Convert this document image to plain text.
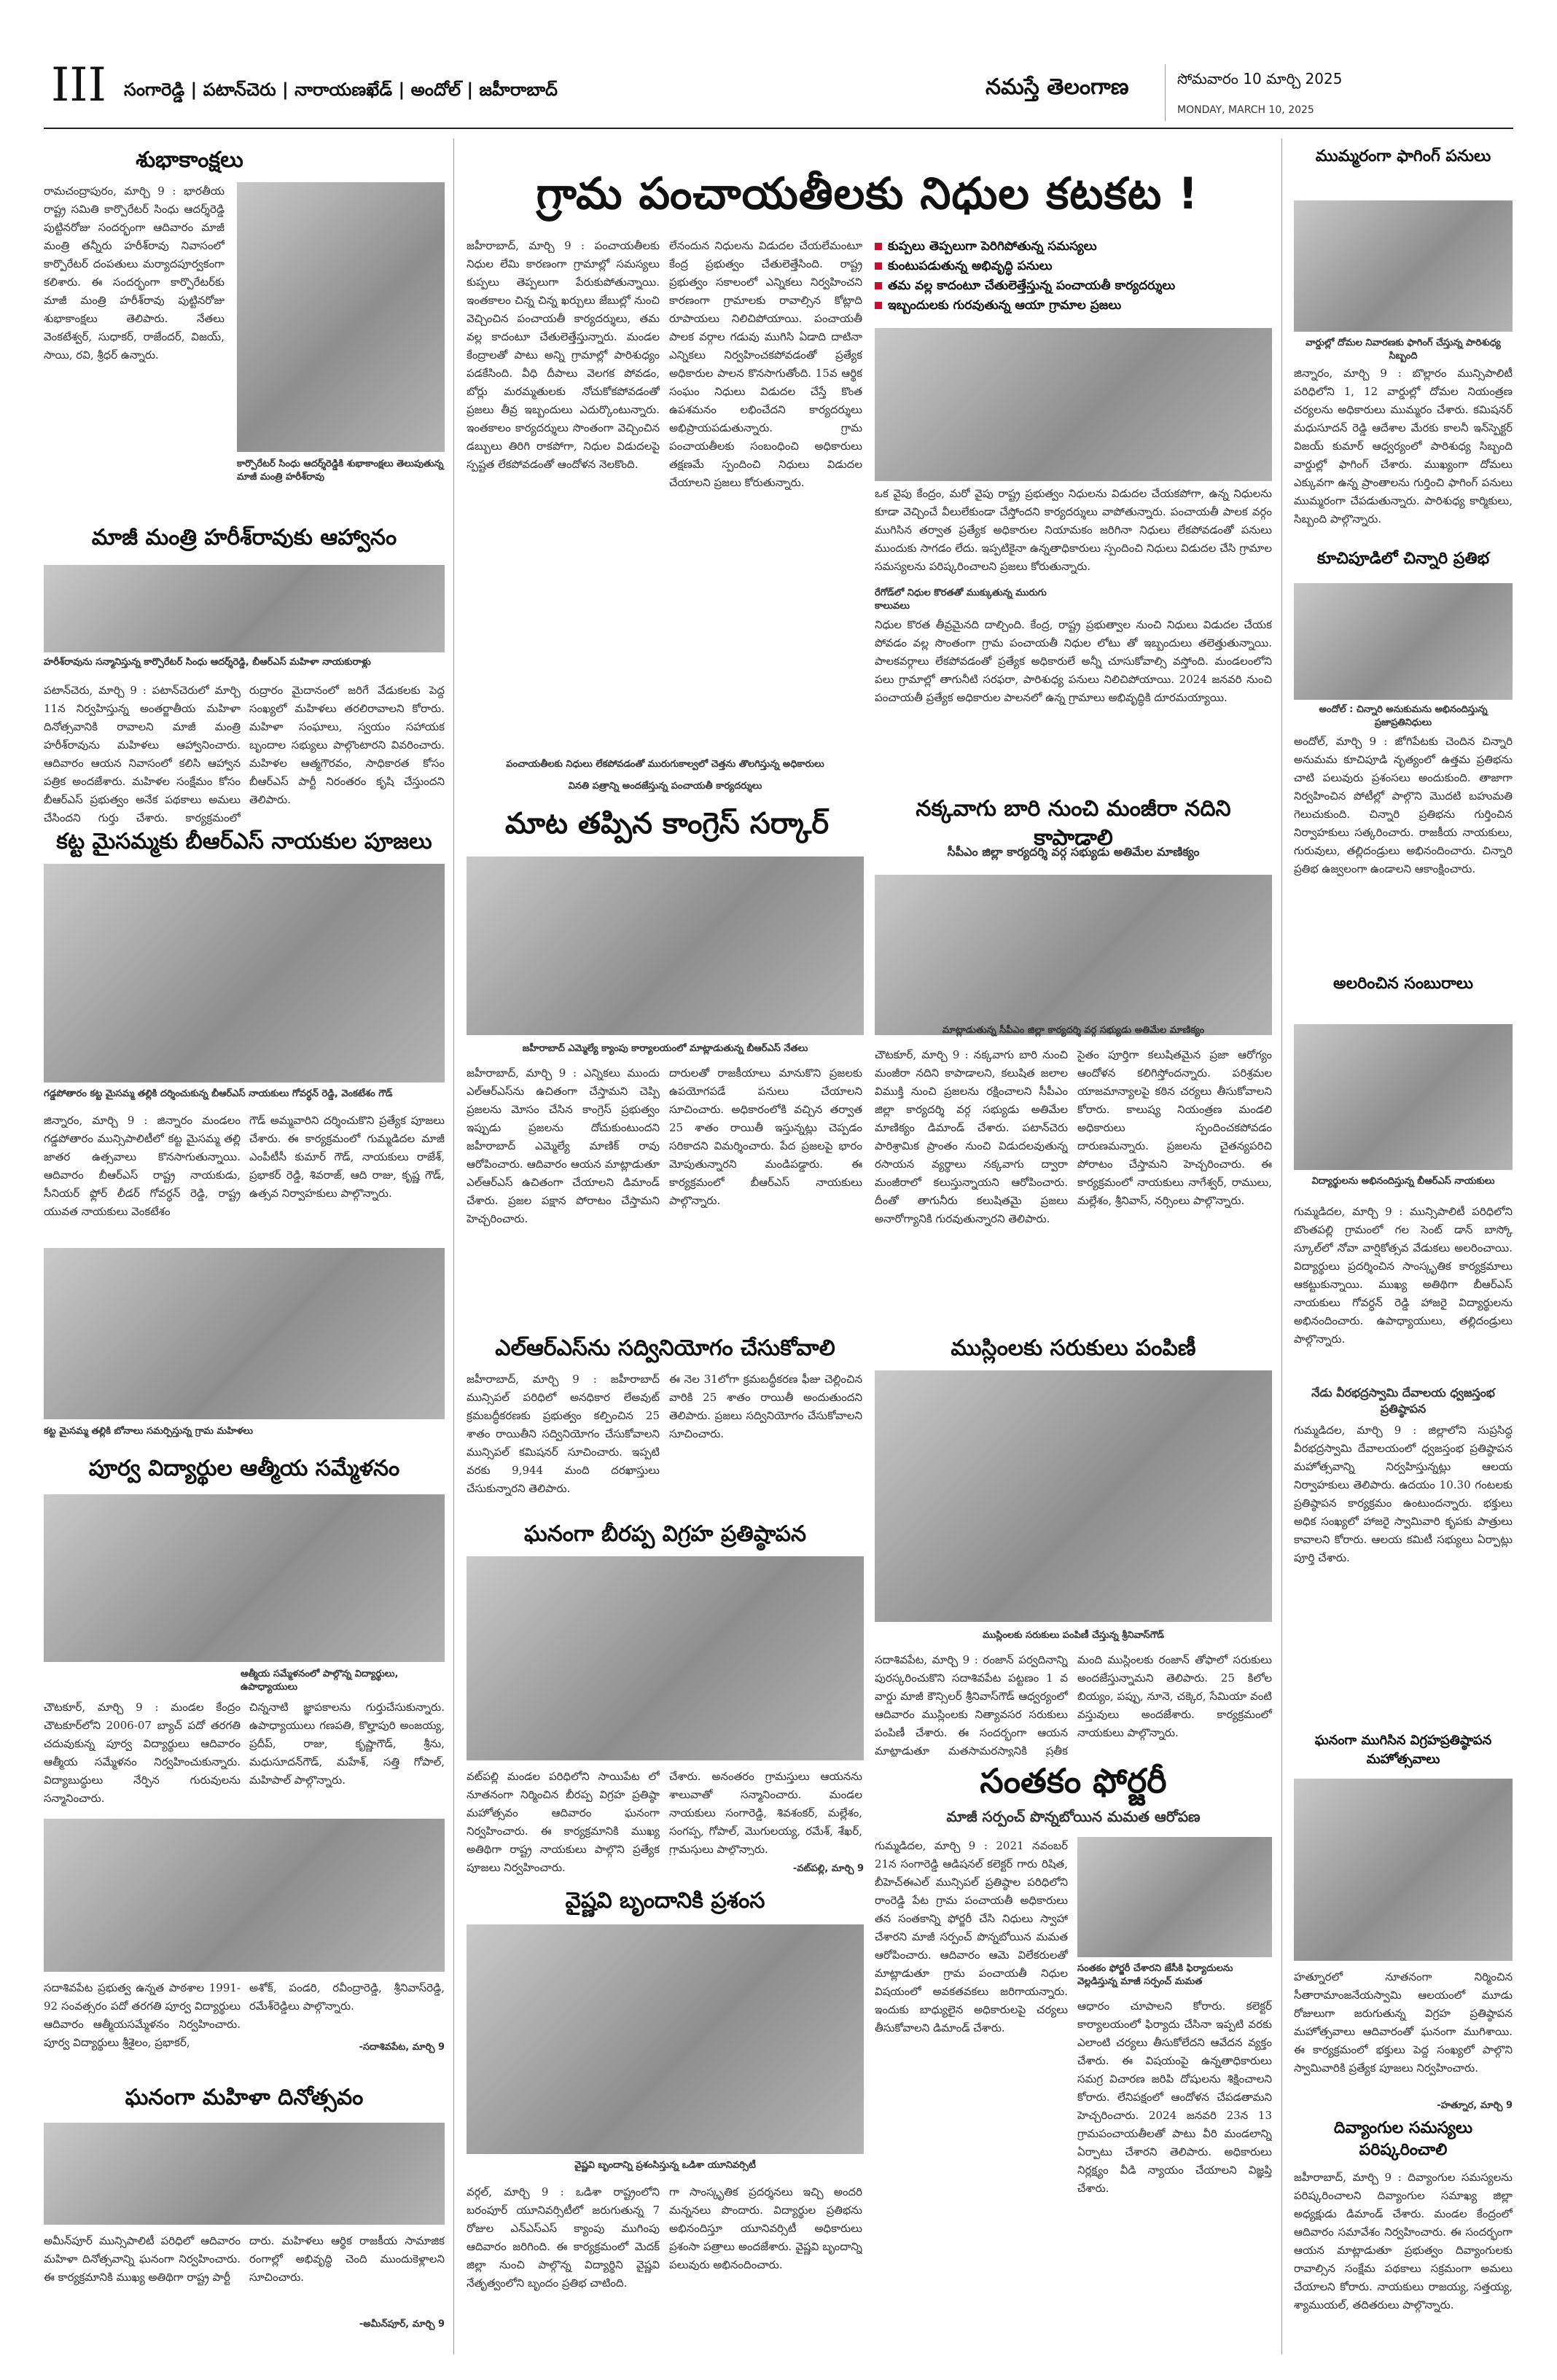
III సంగారెడ్డి | పటాన్‌చెరు | నారాయణఖేడ్ | అందోల్ | జహీరాబాద్	నమస్తే తెలంగాణ	సోమవారం 10 మార్చి 2025
MONDAY, MARCH 10, 2025
శుభాకాంక్షలు
రామచంద్రాపురం, మార్చి 9 : భారతీయ రాష్ట్ర సమితి కార్పొరేటర్ సింధు ఆదర్శ్‌రెడ్డి పుట్టినరోజు సందర్భంగా ఆదివారం మాజీ మంత్రి తన్నీరు హరీశ్‌రావు నివాసంలో కార్పొరేటర్ దంపతులు మర్యాదపూర్వకంగా కలిశారు. ఈ సందర్భంగా కార్పొరేటర్‌కు మాజీ మంత్రి హరీశ్‌రావు పుట్టినరోజు శుభాకాంక్షలు తెలిపారు. నేతలు వెంకటేశ్వర్, సుధాకర్, రాజేందర్, విజయ్, సాయి, రవి, శ్రీధర్ ఉన్నారు.
కార్పొరేటర్ సింధు ఆదర్శ్‌రెడ్డికి శుభాకాంక్షలు తెలుపుతున్న మాజీ మంత్రి హరీశ్‌రావు
మాజీ మంత్రి హరీశ్‌రావుకు ఆహ్వానం
హరీశ్‌రావును సన్మానిస్తున్న కార్పొరేటర్ సింధు ఆదర్శ్‌రెడ్డి, బీఆర్ఎస్ మహిళా నాయకురాళ్లు
పటాన్‌చెరు, మార్చి 9 : పటాన్‌చెరులో మార్చి 11న నిర్వహిస్తున్న అంతర్జాతీయ మహిళా దినోత్సవానికి రావాలని మాజీ మంత్రి హరీశ్‌రావును మహిళలు ఆహ్వానించారు. ఆదివారం ఆయన నివాసంలో కలిసి ఆహ్వాన పత్రిక అందజేశారు. మహిళల సంక్షేమం కోసం బీఆర్ఎస్ ప్రభుత్వం అనేక పథకాలు అమలు చేసిందని గుర్తు చేశారు. కార్యక్రమంలో
రుద్రారం మైదానంలో జరిగే వేడుకలకు పెద్ద సంఖ్యలో మహిళలు తరలిరావాలని కోరారు. మహిళా సంఘాలు, స్వయం సహాయక బృందాల సభ్యులు పాల్గొంటారని వివరించారు. మహిళల ఆత్మగౌరవం, సాధికారత కోసం బీఆర్ఎస్ పార్టీ నిరంతరం కృషి చేస్తుందని తెలిపారు.
కట్ట మైసమ్మకు బీఆర్ఎస్ నాయకుల పూజలు
గడ్డపోతారం కట్ట మైసమ్మ తల్లికి దర్శించుకున్న బీఆర్ఎస్ నాయకులు గోవర్ధన్ రెడ్డి, వెంకటేశం గౌడ్
జిన్నారం, మార్చి 9 : జిన్నారం మండలం గడ్డపోతారం మున్సిపాలిటీలో కట్ట మైసమ్మ తల్లి జాతర ఉత్సవాలు కొనసాగుతున్నాయి. ఆదివారం బీఆర్ఎస్ రాష్ట్ర నాయకుడు, సీనియర్ ఫ్లోర్ లీడర్ గోవర్ధన్ రెడ్డి, రాష్ట్ర యువత నాయకులు వెంకటేశం
గౌడ్ అమ్మవారిని దర్శించుకొని ప్రత్యేక పూజలు చేశారు. ఈ కార్యక్రమంలో గుమ్మడిదల మాజీ ఎంపీటీసీ కుమార్ గౌడ్, నాయకులు రాజేశ్, ప్రభాకర్ రెడ్డి, శివరాజ్, ఆది రాజు, కృష్ణ గౌడ్, ఉత్సవ నిర్వాహకులు పాల్గొన్నారు.
కట్ట మైసమ్మ తల్లికి బోనాలు సమర్పిస్తున్న గ్రామ మహిళలు
పూర్వ విద్యార్థుల ఆత్మీయ సమ్మేళనం
ఆత్మీయ సమ్మేళనంలో పాల్గొన్న విద్యార్థులు, ఉపాధ్యాయులు
చౌటకూర్, మార్చి 9 : మండల కేంద్రం చౌటకూర్‌లోని 2006-07 బ్యాచ్ పదో తరగతి చదువుకున్న పూర్వ విద్యార్థులు ఆదివారం ఆత్మీయ సమ్మేళనం నిర్వహించుకున్నారు. విద్యాబుద్ధులు నేర్పిన గురువులను సన్మానించారు.
చిన్ననాటి జ్ఞాపకాలను గుర్తుచేసుకున్నారు. ఉపాధ్యాయులు గణపతి, కొల్హాపురి అంజయ్య, ప్రదీప్, రాజు, కృష్ణాగౌడ్, శ్రీను, మధుసూదన్‌గౌడ్, మహేశ్, సత్తి గోపాల్, మహిపాల్ పాల్గొన్నారు.
సదాశివపేట ప్రభుత్వ ఉన్నత పాఠశాల 1991-92 సంవత్సరం పదో తరగతి పూర్వ విద్యార్థులు ఆదివారం ఆత్మీయసమ్మేళనం నిర్వహించారు. పూర్వ విద్యార్థులు శ్రీశైలం, ప్రభాకర్,
అశోక్, పండరి, రవీంద్రారెడ్డి, శ్రీనివాస్‌రెడ్డి, రమేశ్‌రెడ్డిలు పాల్గొన్నారు.
-సదాశివపేట, మార్చి 9
ఘనంగా మహిళా దినోత్సవం
అమీన్‌పూర్ మున్సిపాలిటీ పరిధిలో ఆదివారం మహిళా దినోత్సవాన్ని ఘనంగా నిర్వహించారు. ఈ కార్యక్రమానికి ముఖ్య అతిథిగా రాష్ట్ర పార్టీ
దారు. మహిళలు ఆర్థిక రాజకీయ సామాజిక రంగాల్లో అభివృద్ధి చెంది ముందుకెళ్లాలని సూచించారు.
-అమీన్‌పూర్, మార్చి 9
గ్రామ పంచాయతీలకు నిధుల కటకట !
జహీరాబాద్, మార్చి 9 : పంచాయతీలకు నిధుల లేమి కారణంగా గ్రామాల్లో సమస్యలు కుప్పలు తెప్పలుగా పేరుకుపోతున్నాయి. ఇంతకాలం చిన్న చిన్న ఖర్చులు జేబుల్లో నుంచి వెచ్చించిన పంచాయతీ కార్యదర్శులు, తమ వల్ల కాదంటూ చేతులెత్తేస్తున్నారు. మండల కేంద్రాలతో పాటు అన్ని గ్రామాల్లో పారిశుధ్యం పడకేసింది. వీధి దీపాలు వెలగక పోవడం, బోర్లు మరమ్మతులకు నోచుకోకపోవడంతో ప్రజలు తీవ్ర ఇబ్బందులు ఎదుర్కొంటున్నారు. ఇంతకాలం కార్యదర్శులు సొంతంగా వెచ్చించిన డబ్బులు తిరిగి రాకపోగా, నిధుల విడుదలపై స్పష్టత లేకపోవడంతో ఆందోళన నెలకొంది.
లేనందున నిధులను విడుదల చేయలేమంటూ కేంద్ర ప్రభుత్వం చేతులెత్తేసింది. రాష్ట్ర ప్రభుత్వం సకాలంలో ఎన్నికలు నిర్వహించని కారణంగా గ్రామాలకు రావాల్సిన కోట్లాది రూపాయలు నిలిచిపోయాయి. పంచాయతీ పాలక వర్గాల గడువు ముగిసి ఏడాది దాటినా ఎన్నికలు నిర్వహించకపోవడంతో ప్రత్యేక అధికారుల పాలన కొనసాగుతోంది. 15వ ఆర్థిక సంఘం నిధులు విడుదల చేస్తే కొంత ఉపశమనం లభించేదని కార్యదర్శులు అభిప్రాయపడుతున్నారు. గ్రామ పంచాయతీలకు సంబంధించి అధికారులు తక్షణమే స్పందించి నిధులు విడుదల చేయాలని ప్రజలు కోరుతున్నారు.
కుప్పలు తెప్పలుగా పెరిగిపోతున్న సమస్యలు
కుంటుపడుతున్న అభివృద్ధి పనులు
తమ వల్ల కాదంటూ చేతులెత్తేస్తున్న పంచాయతీ కార్యదర్శులు
ఇబ్బందులకు గురవుతున్న ఆయా గ్రామాల ప్రజలు
ఒక వైపు కేంద్రం, మరో వైపు రాష్ట్ర ప్రభుత్వం నిధులను విడుదల చేయకపోగా, ఉన్న నిధులను కూడా వెచ్చించే వీలులేకుండా చేస్తోందని కార్యదర్శులు వాపోతున్నారు. పంచాయతీ పాలక వర్గం ముగిసిన తర్వాత ప్రత్యేక అధికారుల నియామకం జరిగినా నిధులు లేకపోవడంతో పనులు ముందుకు సాగడం లేదు. ఇప్పటికైనా ఉన్నతాధికారులు స్పందించి నిధులు విడుదల చేసి గ్రామాల సమస్యలను పరిష్కరించాలని ప్రజలు కోరుతున్నారు.
రేగోడ్‌లో నిధుల కొరతతో ముక్కుతున్న మురుగు కాలువలు
నిధుల కొరత తీవ్రమైనది దాల్చింది. కేంద్ర, రాష్ట్ర ప్రభుత్వాల నుంచి నిధులు విడుదల చేయక పోవడం వల్ల సొంతంగా గ్రామ పంచాయతీ నిధుల లోటు తో ఇబ్బందులు తలెత్తుతున్నాయి. పాలకవర్గాలు లేకపోవడంతో ప్రత్యేక అధికారులే అన్నీ చూసుకోవాల్సి వస్తోంది. మండలంలోని పలు గ్రామాల్లో తాగునీటి సరఫరా, పారిశుధ్య పనులు నిలిచిపోయాయి. 2024 జనవరి నుంచి పంచాయతీ ప్రత్యేక అధికారుల పాలనలో ఉన్న గ్రామాలు అభివృద్ధికి దూరమయ్యాయి.
పంచాయతీలకు నిధులు లేకపోవడంతో మురుగుకాల్వలో చెత్తను తొలగిస్తున్న అధికారులు
వినతి పత్రాన్ని అందజేస్తున్న పంచాయతీ కార్యదర్శులు
మాట తప్పిన కాంగ్రెస్ సర్కార్	నక్కవాగు బారి నుంచి మంజీరా నదిని కాపాడాలి
సీపీఎం జిల్లా కార్యదర్శి వర్గ సభ్యుడు అతిమేల మాణిక్యం
జహీరాబాద్ ఎమ్మెల్యే క్యాంపు కార్యాలయంలో మాట్లాడుతున్న బీఆర్ఎస్ నేతలు
మాట్లాడుతున్న సీపీఎం జిల్లా కార్యదర్శి వర్గ సభ్యుడు అతిమేల మాణిక్యం
జహీరాబాద్, మార్చి 9 : ఎన్నికలు ముందు ఎల్ఆర్ఎస్‌ను ఉచితంగా చేస్తామని చెప్పి ప్రజలను మోసం చేసిన కాంగ్రెస్ ప్రభుత్వం ఇప్పుడు ప్రజలను దోచుకుంటుందని జహీరాబాద్ ఎమ్మెల్యే మాణిక్ రావు ఆరోపించారు. ఆదివారం ఆయన మాట్లాడుతూ ఎల్ఆర్ఎస్ ఉచితంగా చేయాలని డిమాండ్ చేశారు. ప్రజల పక్షాన పోరాటం చేస్తామని హెచ్చరించారు.
దారులతో రాజకీయాలు మానుకొని ప్రజలకు ఉపయోగపడే పనులు చేయాలని సూచించారు. అధికారంలోకి వచ్చిన తర్వాత 25 శాతం రాయితీ ఇస్తున్నట్లు చెప్పడం సరికాదని విమర్శించారు. పేద ప్రజలపై భారం మోపుతున్నారని మండిపడ్డారు. ఈ కార్యక్రమంలో బీఆర్ఎస్ నాయకులు పాల్గొన్నారు.
చౌటకూర్, మార్చి 9 : నక్కవాగు బారి నుంచి మంజీరా నదిని కాపాడాలని, కలుషిత జలాల విముక్తి నుంచి ప్రజలను రక్షించాలని సీపీఎం జిల్లా కార్యదర్శి వర్గ సభ్యుడు అతిమేల మాణిక్యం డిమాండ్ చేశారు. పటాన్‌చెరు పారిశ్రామిక ప్రాంతం నుంచి విడుదలవుతున్న రసాయన వ్యర్థాలు నక్కవాగు ద్వారా మంజీరాలో కలుస్తున్నాయని ఆరోపించారు. దీంతో తాగునీరు కలుషితమై ప్రజలు అనారోగ్యానికి గురవుతున్నారని తెలిపారు.
సైతం పూర్తిగా కలుషితమైన ప్రజా ఆరోగ్యం ఆందోళన కలిగిస్తోందన్నారు. పరిశ్రమల యాజమాన్యాలపై కఠిన చర్యలు తీసుకోవాలని కోరారు. కాలుష్య నియంత్రణ మండలి అధికారులు స్పందించకపోవడం దారుణమన్నారు. ప్రజలను చైతన్యపరిచి పోరాటం చేస్తామని హెచ్చరించారు. ఈ కార్యక్రమంలో నాయకులు నాగేశ్వర్, రాములు, మల్లేశం, శ్రీనివాస్, నర్సింలు పాల్గొన్నారు.
ఎల్ఆర్ఎస్‌ను సద్వినియోగం చేసుకోవాలి	ముస్లింలకు సరుకులు పంపిణీ
జహీరాబాద్, మార్చి 9 : జహీరాబాద్ మున్సిపల్ పరిధిలో అనధికార లేఅవుట్ క్రమబద్ధీకరణకు ప్రభుత్వం కల్పించిన 25 శాతం రాయితీని సద్వినియోగం చేసుకోవాలని మున్సిపల్ కమిషనర్ సూచించారు. ఇప్పటి వరకు 9,944 మంది దరఖాస్తులు చేసుకున్నారని తెలిపారు.
ఈ నెల 31లోగా క్రమబద్ధీకరణ ఫీజు చెల్లించిన వారికి 25 శాతం రాయితీ అందుతుందని తెలిపారు. ప్రజలు సద్వినియోగం చేసుకోవాలని సూచించారు.
ఘనంగా బీరప్ప విగ్రహ ప్రతిష్ఠాపన
ముస్లింలకు సరుకులు పంపిణీ చేస్తున్న శ్రీనివాస్‌గౌడ్
సదాశివపేట, మార్చి 9 : రంజాన్ పర్వదినాన్ని పురస్కరించుకొని సదాశివపేట పట్టణం 1 వ వార్డు మాజీ కౌన్సిలర్ శ్రీనివాస్‌గౌడ్ ఆధ్వర్యంలో ఆదివారం ముస్లింలకు నిత్యావసర సరుకులు పంపిణీ చేశారు. ఈ సందర్భంగా ఆయన మాట్లాడుతూ మతసామరస్యానికి ప్రతీక
మంది ముస్లింలకు రంజాన్ తోఫాలో సరుకులు అందజేస్తున్నామని తెలిపారు. 25 కిలోల బియ్యం, పప్పు, నూనె, చక్కెర, సేమియా వంటి వస్తువులు అందజేశారు. కార్యక్రమంలో నాయకులు పాల్గొన్నారు.
వట్‌పల్లి మండల పరిధిలోని సాయిపేట లో నూతనంగా నిర్మించిన బీరప్ప విగ్రహ ప్రతిష్ఠా మహోత్సవం ఆదివారం ఘనంగా నిర్వహించారు. ఈ కార్యక్రమానికి ముఖ్య అతిథిగా రాష్ట్ర నాయకులు పాల్గొని ప్రత్యేక పూజలు నిర్వహించారు.
చేశారు. అనంతరం గ్రామస్తులు ఆయనను శాలువాతో సన్మానించారు. మండల నాయకులు సంగారెడ్డి, శివశంకర్, మల్లేశం, సంగప్ప, గోపాల్, మొగులయ్య, రమేశ్, శేఖర్, గ్రామస్తులు పాల్గొన్నారు.
-వట్‌పల్లి, మార్చి 9
సంతకం ఫోర్జరీ
మాజీ సర్పంచ్ పొన్నబోయిన మమత ఆరోపణ
గుమ్మడిదల, మార్చి 9 : 2021 నవంబర్ 21న సంగారెడ్డి ఆడిషనల్ కలెక్టర్ గారు రిషిత, బీహెచ్ఈఎల్ మున్సిపల్ ప్రతిష్ఠాల పరిధిలోని రాంరెడ్డి పేట గ్రామ పంచాయతీ అధికారులు తన సంతకాన్ని ఫోర్జరీ చేసి నిధులు స్వాహా చేశారని మాజీ సర్పంచ్ పొన్నబోయిన మమత ఆరోపించారు. ఆదివారం ఆమె విలేకరులతో మాట్లాడుతూ గ్రామ పంచాయతీ నిధుల విషయంలో అవకతవకలు జరిగాయన్నారు. ఇందుకు బాధ్యులైన అధికారులపై చర్యలు తీసుకోవాలని డిమాండ్ చేశారు.
వైష్ణవి బృందానికి ప్రశంస
వైష్ణవి బృందాన్ని ప్రశంసిస్తున్న ఒడిశా యూనివర్సిటీ
వర్గల్, మార్చి 9 : ఒడిశా రాష్ట్రంలోని బరంపూర్ యూనివర్సిటీలో జరుగుతున్న 7 రోజుల ఎన్ఎస్ఎస్ క్యాంపు ముగింపు ఆదివారం జరిగింది. ఈ కార్యక్రమంలో మెదక్ జిల్లా నుంచి పాల్గొన్న విద్యార్థిని వైష్ణవి నేతృత్వంలోని బృందం ప్రతిభ చాటింది.
గా సాంస్కృతిక ప్రదర్శనలు ఇచ్చి అందరి మన్ననలు పొందారు. విద్యార్థుల ప్రతిభను అభినందిస్తూ యూనివర్సిటీ అధికారులు ప్రశంసా పత్రాలు అందజేశారు. వైష్ణవి బృందాన్ని పలువురు అభినందించారు.
సంతకం ఫోర్జరీ చేశారని జేసీకి ఫిర్యాదులను వెల్లడిస్తున్న మాజీ సర్పంచ్ మమత
ఆధారం చూపాలని కోరారు. కలెక్టర్ కార్యాలయంలో ఫిర్యాదు చేసినా ఇప్పటి వరకు ఎలాంటి చర్యలు తీసుకోలేదని ఆవేదన వ్యక్తం చేశారు. ఈ విషయంపై ఉన్నతాధికారులు సమగ్ర విచారణ జరిపి దోషులను శిక్షించాలని కోరారు. లేనిపక్షంలో ఆందోళన చేపడతామని హెచ్చరించారు. 2024 జనవరి 23న 13 గ్రామపంచాయతీలతో పాటు వీరి మండలాన్ని ఏర్పాటు చేశారని తెలిపారు. అధికారులు నిర్లక్ష్యం వీడి న్యాయం చేయాలని విజ్ఞప్తి చేశారు.
ముమ్మరంగా ఫాగింగ్ పనులు
వార్డుల్లో దోమల నివారణకు ఫాగింగ్ చేస్తున్న పారిశుధ్య సిబ్బంది
జిన్నారం, మార్చి 9 : బొల్లారం మున్సిపాలిటీ పరిధిలోని 1, 12 వార్డుల్లో దోమల నియంత్రణ చర్యలను అధికారులు ముమ్మరం చేశారు. కమిషనర్ మధుసూదన్ రెడ్డి ఆదేశాల మేరకు కాలనీ ఇన్‌స్పెక్టర్ విజయ్ కుమార్ ఆధ్వర్యంలో పారిశుధ్య సిబ్బంది వార్డుల్లో ఫాగింగ్ చేశారు. ముఖ్యంగా దోమలు ఎక్కువగా ఉన్న ప్రాంతాలను గుర్తించి ఫాగింగ్ పనులు ముమ్మరంగా చేపడుతున్నారు. పారిశుధ్య కార్మికులు, సిబ్బంది పాల్గొన్నారు.
కూచిపూడిలో చిన్నారి ప్రతిభ
అందోల్ : చిన్నారి అనుకుమను అభినందిస్తున్న ప్రజాప్రతినిధులు
అందోల్, మార్చి 9 : జోగిపేటకు చెందిన చిన్నారి అనుమమ కూచిపూడి నృత్యంలో ఉత్తమ ప్రతిభను చాటి పలువురు ప్రశంసలు అందుకుంది. తాజాగా నిర్వహించిన పోటీల్లో పాల్గొని మొదటి బహుమతి గెలుచుకుంది. చిన్నారి ప్రతిభను గుర్తించిన నిర్వాహకులు సత్కరించారు. రాజకీయ నాయకులు, గురువులు, తల్లిదండ్రులు అభినందించారు. చిన్నారి ప్రతిభ ఉజ్వలంగా ఉండాలని ఆకాంక్షించారు.
అలరించిన సంబురాలు
విద్యార్థులను అభినందిస్తున్న బీఆర్ఎస్ నాయకులు
గుమ్మడిదల, మార్చి 9 : మున్సిపాలిటీ పరిధిలోని బొంతపల్లి గ్రామంలో గల సెంట్ డాన్ బాస్కో స్కూల్‌లో నోవా వార్షికోత్సవ వేడుకలు అలరించాయి. విద్యార్థులు ప్రదర్శించిన సాంస్కృతిక కార్యక్రమాలు ఆకట్టుకున్నాయి. ముఖ్య అతిథిగా బీఆర్ఎస్ నాయకులు గోవర్ధన్ రెడ్డి హాజరై విద్యార్థులను అభినందించారు. ఉపాధ్యాయులు, తల్లిదండ్రులు పాల్గొన్నారు.
నేడు వీరభద్రస్వామి దేవాలయ ధ్వజస్తంభ ప్రతిష్ఠాపన
గుమ్మడిదల, మార్చి 9 : జిల్లాలోని సుప్రసిద్ధ వీరభద్రస్వామి దేవాలయంలో ధ్వజస్తంభ ప్రతిష్ఠాపన మహోత్సవాన్ని నిర్వహిస్తున్నట్లు ఆలయ నిర్వాహకులు తెలిపారు. ఉదయం 10.30 గంటలకు ప్రతిష్ఠాపన కార్యక్రమం ఉంటుందన్నారు. భక్తులు అధిక సంఖ్యలో హాజరై స్వామివారి కృపకు పాత్రులు కావాలని కోరారు. ఆలయ కమిటీ సభ్యులు ఏర్పాట్లు పూర్తి చేశారు.
ఘనంగా ముగిసిన విగ్రహప్రతిష్ఠాపన మహోత్సవాలు
హత్నూరలో నూతనంగా నిర్మించిన సీతారామాంజనేయస్వామి ఆలయంలో మూడు రోజులుగా జరుగుతున్న విగ్రహ ప్రతిష్ఠాపన మహోత్సవాలు ఆదివారంతో ఘనంగా ముగిశాయి. ఈ కార్యక్రమంలో భక్తులు పెద్ద సంఖ్యలో పాల్గొని స్వామివారికి ప్రత్యేక పూజలు నిర్వహించారు.
-హత్నూర, మార్చి 9
దివ్యాంగుల సమస్యలు పరిష్కరించాలి
జహీరాబాద్, మార్చి 9 : దివ్యాంగుల సమస్యలను పరిష్కరించాలని దివ్యాంగుల సమాఖ్య జిల్లా అధ్యక్షుడు డిమాండ్ చేశారు. మండల కేంద్రంలో ఆదివారం సమావేశం నిర్వహించారు. ఈ సందర్భంగా ఆయన మాట్లాడుతూ ప్రభుత్వం దివ్యాంగులకు రావాల్సిన సంక్షేమ పథకాలు సక్రమంగా అమలు చేయాలని కోరారు. నాయకులు రాజయ్య, సత్తయ్య, శ్యాముయల్, తదితరులు పాల్గొన్నారు.
